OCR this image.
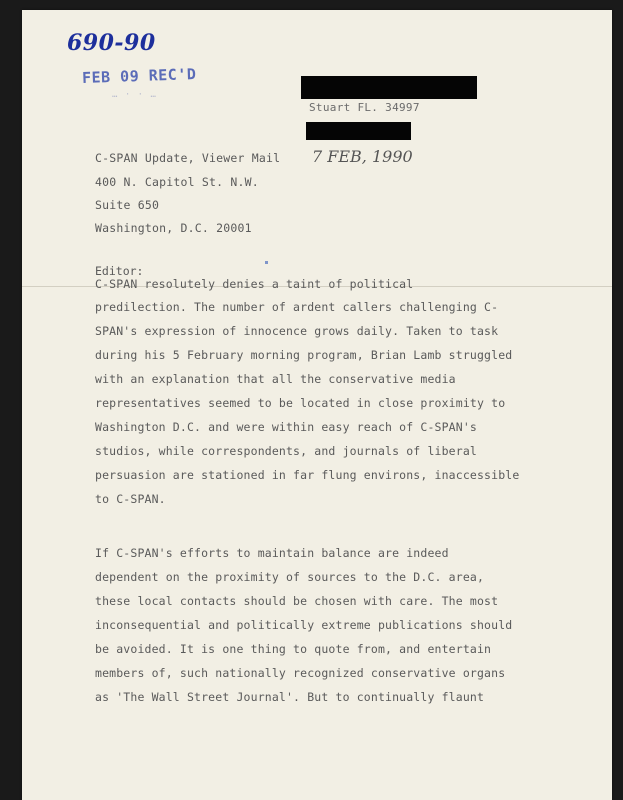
690-90
FEB 09 REC'D
… · · …
Stuart FL. 34997
C-SPAN Update, Viewer Mail
400 N. Capitol St. N.W.
Suite 650
Washington, D.C. 20001
7 FEB, 1990
Editor:
C-SPAN resolutely denies a taint of political
predilection. The number of ardent callers challenging C-
SPAN's expression of innocence grows daily. Taken to task
during his 5 February morning program, Brian Lamb struggled
with an explanation that all the conservative media
representatives seemed to be located in close proximity to
Washington D.C. and were within easy reach of C-SPAN's
studios, while correspondents, and journals of liberal
persuasion are stationed in far flung environs, inaccessible
to C-SPAN.
If C-SPAN's efforts to maintain balance are indeed
dependent on the proximity of sources to the D.C. area,
these local contacts should be chosen with care. The most
inconsequential and politically extreme publications should
be avoided. It is one thing to quote from, and entertain
members of, such nationally recognized conservative organs
as 'The Wall Street Journal'. But to continually flaunt
